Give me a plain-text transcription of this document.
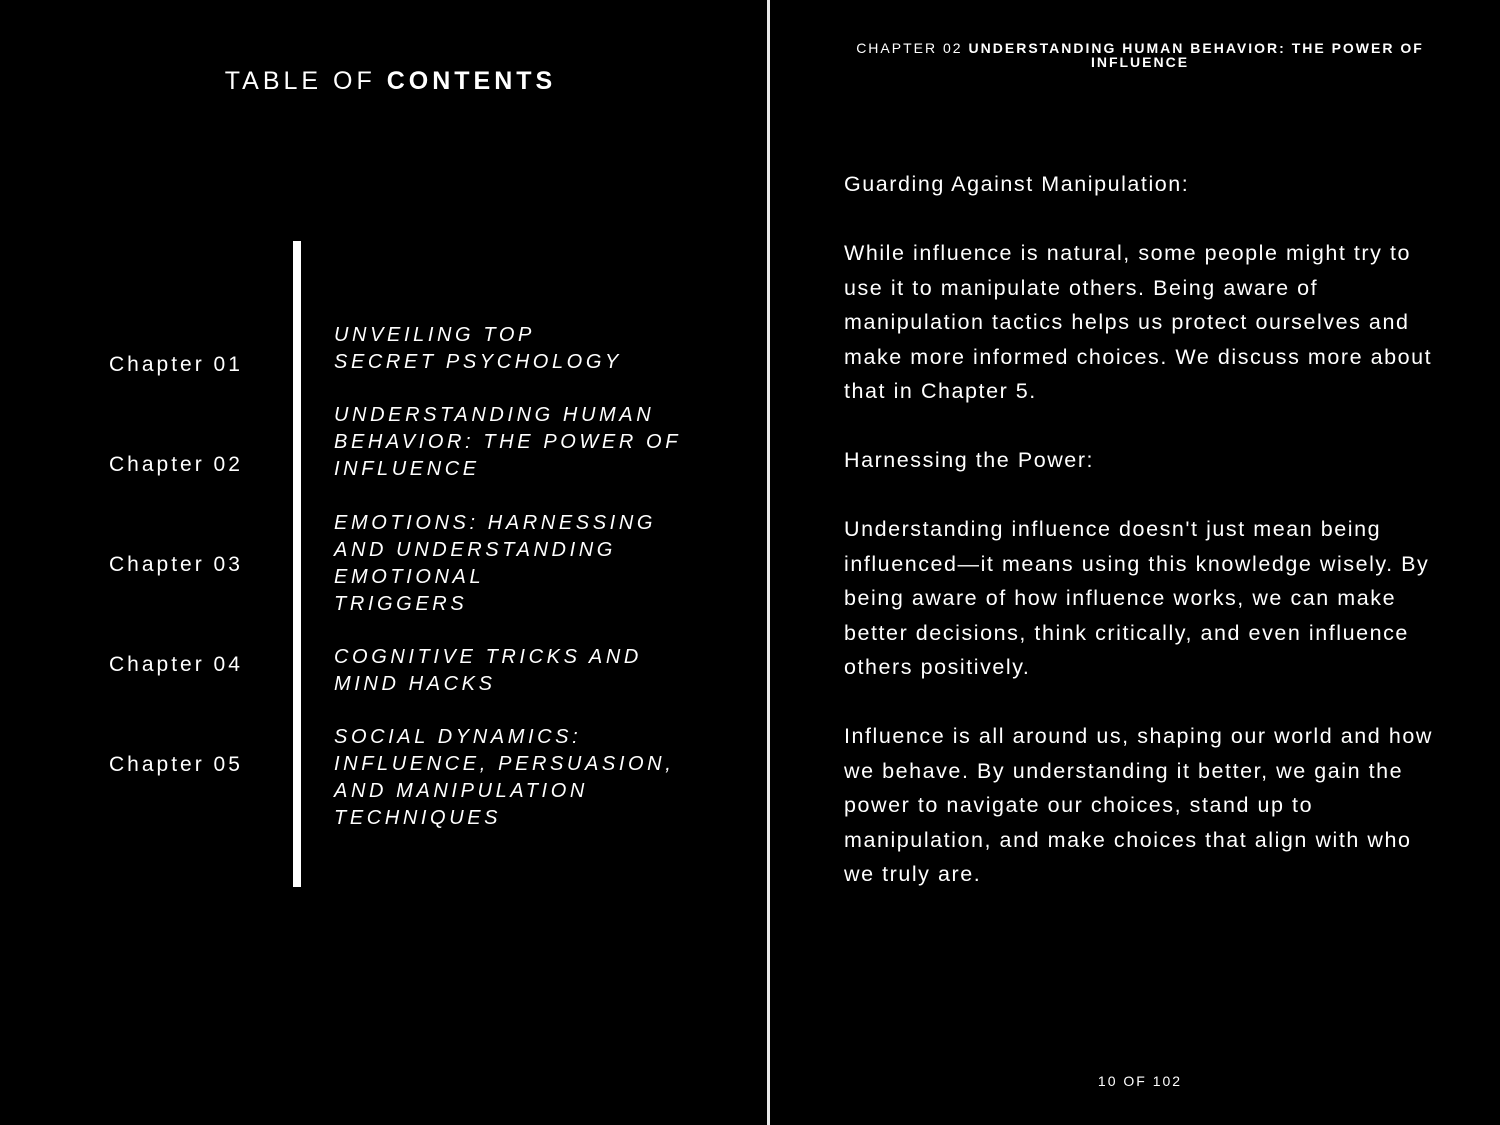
TABLE OF CONTENTS
Chapter 01
UNVEILING TOP
SECRET PSYCHOLOGY
Chapter 02
UNDERSTANDING HUMAN
BEHAVIOR: THE POWER OF
INFLUENCE
Chapter 03
EMOTIONS: HARNESSING
AND UNDERSTANDING
EMOTIONAL
TRIGGERS
Chapter 04	COGNITIVE TRICKS AND
MIND HACKS
Chapter 05
SOCIAL DYNAMICS:
INFLUENCE, PERSUASION,
AND MANIPULATION
TECHNIQUES
CHAPTER 02 UNDERSTANDING HUMAN BEHAVIOR: THE POWER OF INFLUENCE

Guarding Against Manipulation:

While influence is natural, some people might try to use it to manipulate others. Being aware of manipulation tactics helps us protect ourselves and make more informed choices. We discuss more about that in Chapter 5.

Harnessing the Power:

Understanding influence doesn't just mean being influenced—it means using this knowledge wisely. By being aware of how influence works, we can make better decisions, think critically, and even influence others positively.

Influence is all around us, shaping our world and how we behave. By understanding it better, we gain the power to navigate our choices, stand up to manipulation, and make choices that align with who we truly are.

10 OF 102
